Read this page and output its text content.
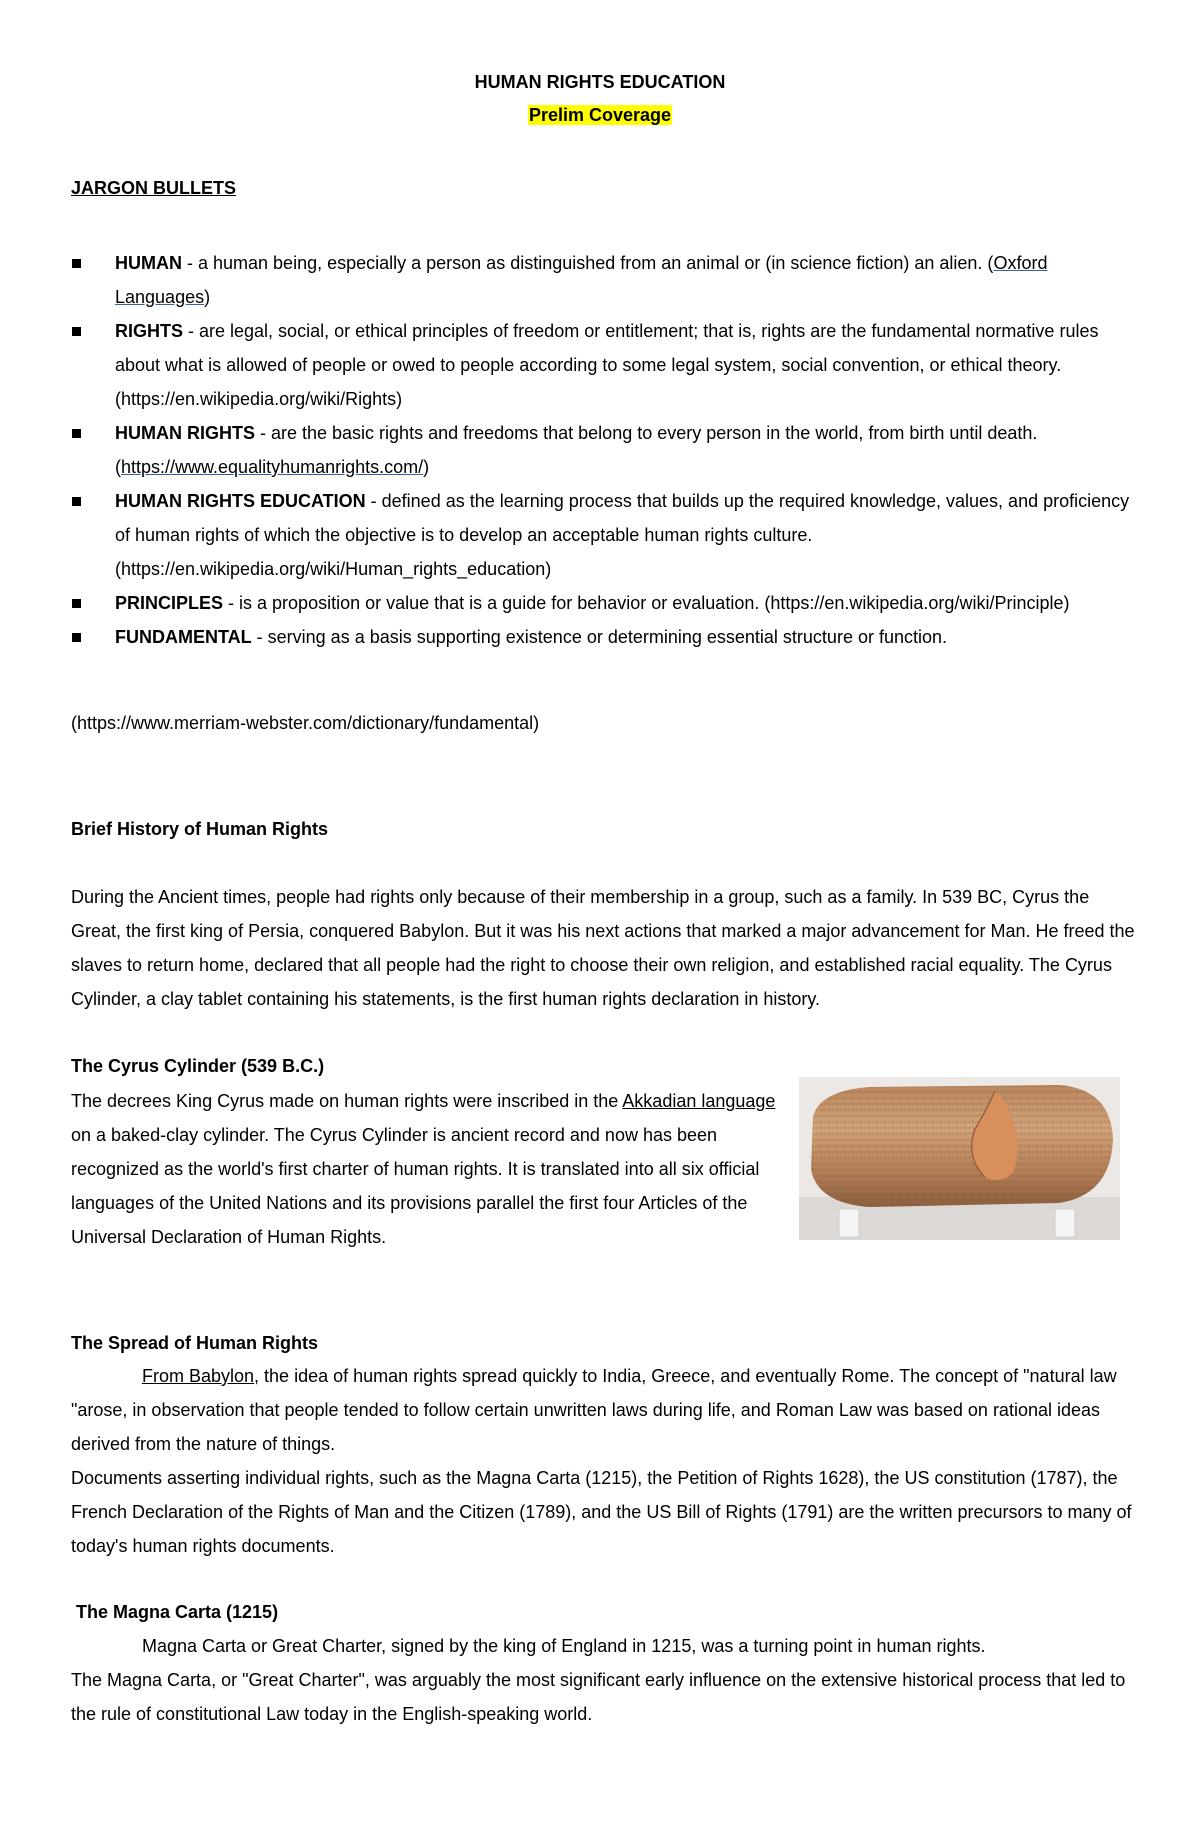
HUMAN RIGHTS EDUCATION
Prelim Coverage
JARGON BULLETS
HUMAN - a human being, especially a person as distinguished from an animal or (in science fiction) an alien. (Oxford Languages)
RIGHTS - are legal, social, or ethical principles of freedom or entitlement; that is, rights are the fundamental normative rules about what is allowed of people or owed to people according to some legal system, social convention, or ethical theory. (https://en.wikipedia.org/wiki/Rights)
HUMAN RIGHTS - are the basic rights and freedoms that belong to every person in the world, from birth until death. (https://www.equalityhumanrights.com/)
HUMAN RIGHTS EDUCATION - defined as the learning process that builds up the required knowledge, values, and proficiency of human rights of which the objective is to develop an acceptable human rights culture. (https://en.wikipedia.org/wiki/Human_rights_education)
PRINCIPLES - is a proposition or value that is a guide for behavior or evaluation. (https://en.wikipedia.org/wiki/Principle)
FUNDAMENTAL - serving as a basis supporting existence or determining essential structure or function.
(https://www.merriam-webster.com/dictionary/fundamental)
Brief History of Human Rights

During the Ancient times, people had rights only because of their membership in a group, such as a family. In 539 BC, Cyrus the Great, the first king of Persia, conquered Babylon. But it was his next actions that marked a major advancement for Man. He freed the slaves to return home, declared that all people had the right to choose their own religion, and established racial equality. The Cyrus Cylinder, a clay tablet containing his statements, is the first human rights declaration in history.

The Cyrus Cylinder (539 B.C.)

The decrees King Cyrus made on human rights were inscribed in the Akkadian language on a baked-clay cylinder. The Cyrus Cylinder is ancient record and now has been recognized as the world's first charter of human rights. It is translated into all six official languages of the United Nations and its provisions parallel the first four Articles of the Universal Declaration of Human Rights.

The Spread of Human Rights

From Babylon, the idea of human rights spread quickly to India, Greece, and eventually Rome. The concept of "natural law "arose, in observation that people tended to follow certain unwritten laws during life, and Roman Law was based on rational ideas derived from the nature of things.

Documents asserting individual rights, such as the Magna Carta (1215), the Petition of Rights 1628), the US constitution (1787), the French Declaration of the Rights of Man and the Citizen (1789), and the US Bill of Rights (1791) are the written precursors to many of today's human rights documents.

The Magna Carta (1215)

Magna Carta or Great Charter, signed by the king of England in 1215, was a turning point in human rights.

The Magna Carta, or "Great Charter", was arguably the most significant early influence on the extensive historical process that led to the rule of constitutional Law today in the English-speaking world.
